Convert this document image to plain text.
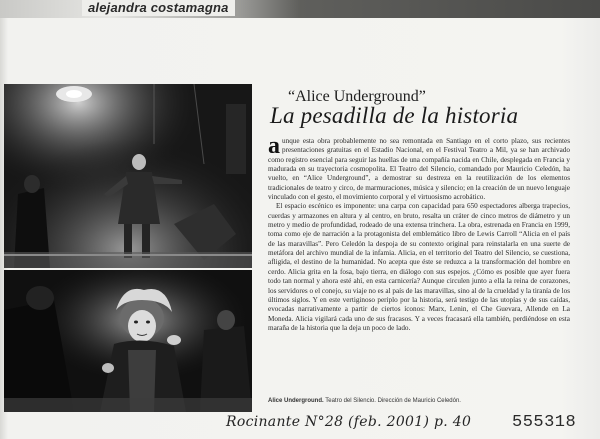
alejandra costamagna
“Alice Underground”
La pesadilla de la historia

aunque esta obra probablemente no sea remontada en Santiago en el corto plazo, sus recientes presentaciones gratuitas en el Estadio Nacional, en el Festival Teatro a Mil, ya se han archivado como registro esencial para seguir las huellas de una compañía nacida en Chile, desplegada en Francia y madurada en su trayectoria cosmopolita. El Teatro del Silencio, comandado por Mauricio Celedón, ha vuelto, en “Alice Underground”, a demostrar su destreza en la reutilización de los elementos tradicionales de teatro y circo, de marmuraciones, música y silencio; en la creación de un nuevo lenguaje vinculado con el gesto, el movimiento corporal y el virtuosismo acrobático.

El espacio escénico es imponente: una carpa con capacidad para 650 espectadores alberga trapecios, cuerdas y armazones en altura y al centro, en bruto, resalta un cráter de cinco metros de diámetro y un metro y medio de profundidad, rodeado de una extensa trinchera. La obra, estrenada en Francia en 1999, toma como eje de narración a la protagonista del emblemático libro de Lewis Carroll “Alicia en el país de las maravillas”. Pero Celedón la despoja de su contexto original para reinstalarla en una suerte de metáfora del archivo mundial de la infamia. Alicia, en el territorio del Teatro del Silencio, se cuestiona, afligida, el destino de la humanidad. No acepta que éste se reduzca a la transformación del hombre en cerdo. Alicia grita en la fosa, bajo tierra, en diálogo con sus espejos. ¿Cómo es posible que ayer fuera todo tan normal y ahora esté ahí, en esta carnicería? Aunque circulen junto a ella la reina de corazones, los servidores o el conejo, su viaje no es al país de las maravillas, sino al de la crueldad y la tiranía de los últimos siglos. Y en este vertiginoso periplo por la historia, será testigo de las utopías y de sus caídas, evocadas narrativamente a partir de ciertos íconos: Marx, Lenin, el Che Guevara, Allende en La Moneda. Alicia vigilará cada uno de sus fracasos. Y a veces fracasará ella también, perdiéndose en esta maraña de la historia que la deja un poco de lado.

Alice Underground. Teatro del Silencio. Dirección de Mauricio Celedón.
Rocinante N°28 (feb. 2001) p. 40 555318
